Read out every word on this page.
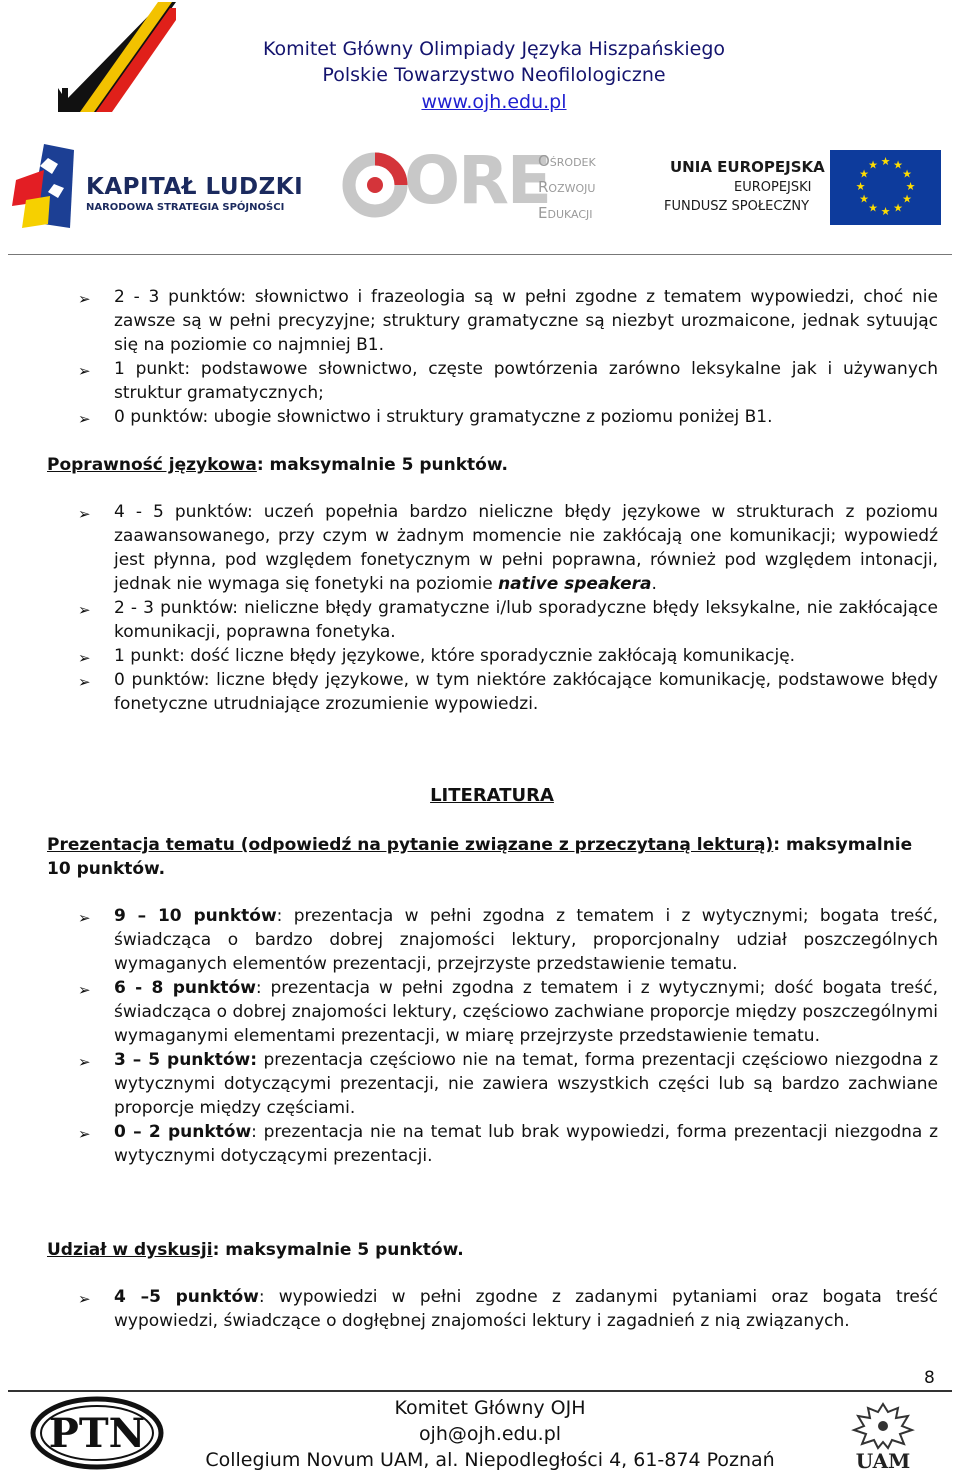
Komitet Główny Olimpiady Języka Hiszpańskiego
Polskie Towarzystwo Neofilologiczne
www.ojh.edu.pl
KAPITAŁ LUDZKI
NARODOWA STRATEGIA SPÓJNOŚCI ORE
Ośrodek
Rozwoju
Edukacji
UNIA EUROPEJSKA
EUROPEJSKI
FUNDUSZ SPOŁECZNY
★ ★
★
★
★
★
★
★
★
★
★
★
➢ 2 - 3 punktów: słownictwo i frazeologia są w pełni zgodne z tematem wypowiedzi, choć nie zawsze są w pełni precyzyjne; struktury gramatyczne są niezbyt urozmaicone, jednak sytuując się na poziomie co najmniej B1.
➢ 1 punkt: podstawowe słownictwo, częste powtórzenia zarówno leksykalne jak i używanych struktur gramatycznych;
➢ 0 punktów: ubogie słownictwo i struktury gramatyczne z poziomu poniżej B1.
Poprawność językowa: maksymalnie 5 punktów.
➢ 4 - 5 punktów: uczeń popełnia bardzo nieliczne błędy językowe w strukturach z poziomu zaawansowanego, przy czym w żadnym momencie nie zakłócają one komunikacji; wypowiedź jest płynna, pod względem fonetycznym w pełni poprawna, również pod względem intonacji, jednak nie wymaga się fonetyki na poziomie native speakera.
➢ 2 - 3 punktów: nieliczne błędy gramatyczne i/lub sporadyczne błędy leksykalne, nie zakłócające komunikacji, poprawna fonetyka.
➢ 1 punkt: dość liczne błędy językowe, które sporadycznie zakłócają komunikację.
➢ 0 punktów: liczne błędy językowe, w tym niektóre zakłócające komunikację, podstawowe błędy fonetyczne utrudniające zrozumienie wypowiedzi.
LITERATURA
Prezentacja tematu (odpowiedź na pytanie związane z przeczytaną lekturą): maksymalnie 10 punktów.
➢ 9 – 10 punktów: prezentacja w pełni zgodna z tematem i z wytycznymi; bogata treść, świadcząca o bardzo dobrej znajomości lektury, proporcjonalny udział poszczególnych wymaganych elementów prezentacji, przejrzyste przedstawienie tematu.
➢ 6 - 8 punktów: prezentacja w pełni zgodna z tematem i z wytycznymi; dość bogata treść, świadcząca o dobrej znajomości lektury, częściowo zachwiane proporcje między poszczególnymi wymaganymi elementami prezentacji, w miarę przejrzyste przedstawienie tematu.
➢ 3 – 5 punktów: prezentacja częściowo nie na temat, forma prezentacji częściowo niezgodna z wytycznymi dotyczącymi prezentacji, nie zawiera wszystkich części lub są bardzo zachwiane proporcje między częściami.
➢ 0 – 2 punktów: prezentacja nie na temat lub brak wypowiedzi, forma prezentacji niezgodna z wytycznymi dotyczącymi prezentacji.
Udział w dyskusji: maksymalnie 5 punktów.
➢ 4 –5 punktów: wypowiedzi w pełni zgodne z zadanymi pytaniami oraz bogata treść wypowiedzi, świadczące o dogłębnej znajomości lektury i zagadnień z nią związanych.
8
PTN
Komitet Główny OJH
ojh@ojh.edu.pl
Collegium Novum UAM, al. Niepodległości 4, 61-874 Poznań	UAM
